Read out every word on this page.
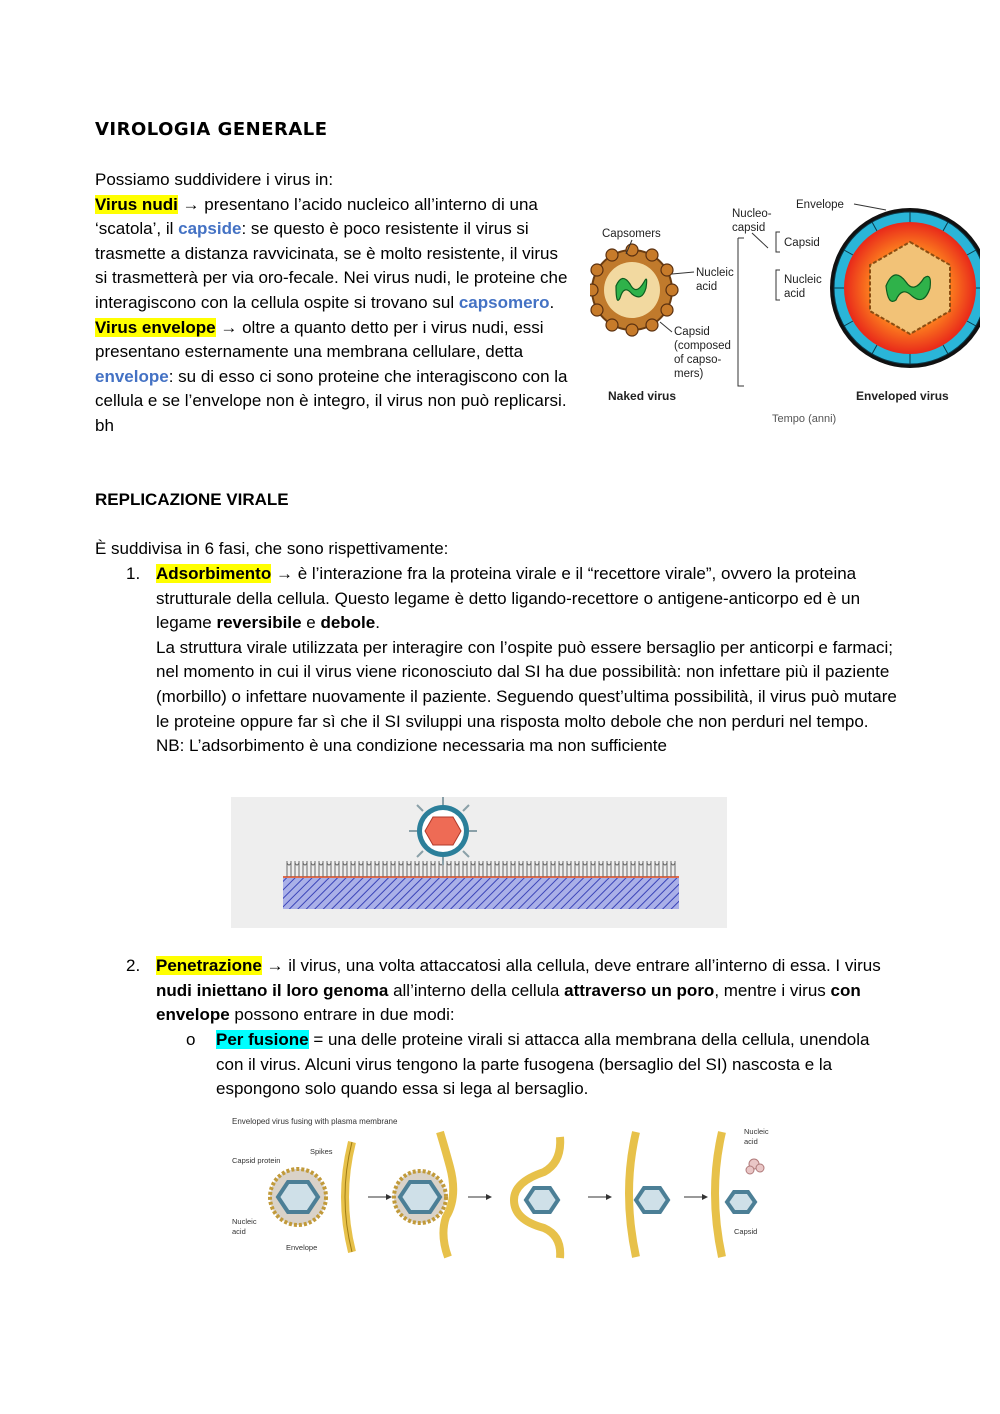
VIROLOGIA GENERALE
Possiamo suddividere i virus in:
Virus nudi → presentano l’acido nucleico all’interno di una ‘scatola’, il capside: se questo è poco resistente il virus si trasmette a distanza ravvicinata, se è molto resistente, il virus si trasmetterà per via oro-fecale. Nei virus nudi, le proteine che interagiscono con la cellula ospite si trovano sul capsomero.
Virus envelope → oltre a quanto detto per i virus nudi, essi presentano esternamente una membrana cellulare, detta envelope: su di esso ci sono proteine che interagiscono con la cellula e se l’envelope non è integro, il virus non può replicarsi.
bh
Capsomers
Nucleic
acid
Capsid
(composed
of capso-
mers)
Naked virus
Nucleo-
capsid
Capsid
Nucleic
acid
Envelope
Enveloped virus
Tempo (anni)
REPLICAZIONE VIRALE
È suddivisa in 6 fasi, che sono rispettivamente:
1. Adsorbimento → è l’interazione fra la proteina virale e il “recettore virale”, ovvero la proteina strutturale della cellula. Questo legame è detto ligando-recettore o antigene-anticorpo ed è un legame reversibile e debole.
La struttura virale utilizzata per interagire con l’ospite può essere bersaglio per anticorpi e farmaci; nel momento in cui il virus viene riconosciuto dal SI ha due possibilità: non infettare più il paziente (morbillo) o infettare nuovamente il paziente. Seguendo quest’ultima possibilità, il virus può mutare le proteine oppure far sì che il SI sviluppi una risposta molto debole che non perduri nel tempo.
NB: L’adsorbimento è una condizione necessaria ma non sufficiente
2. Penetrazione → il virus, una volta attaccatosi alla cellula, deve entrare all’interno di essa. I virus nudi iniettano il loro genoma all’interno della cellula attraverso un poro, mentre i virus con envelope possono entrare in due modi:
o Per fusione = una delle proteine virali si attacca alla membrana della cellula, unendola con il virus. Alcuni virus tengono la parte fusogena (bersaglio del SI) nascosta e la espongono solo quando essa si lega al bersaglio.
Enveloped virus fusing with plasma membrane
Capsid protein
Spikes
Nucleic
acid
Envelope
Nucleic
acid
Capsid
